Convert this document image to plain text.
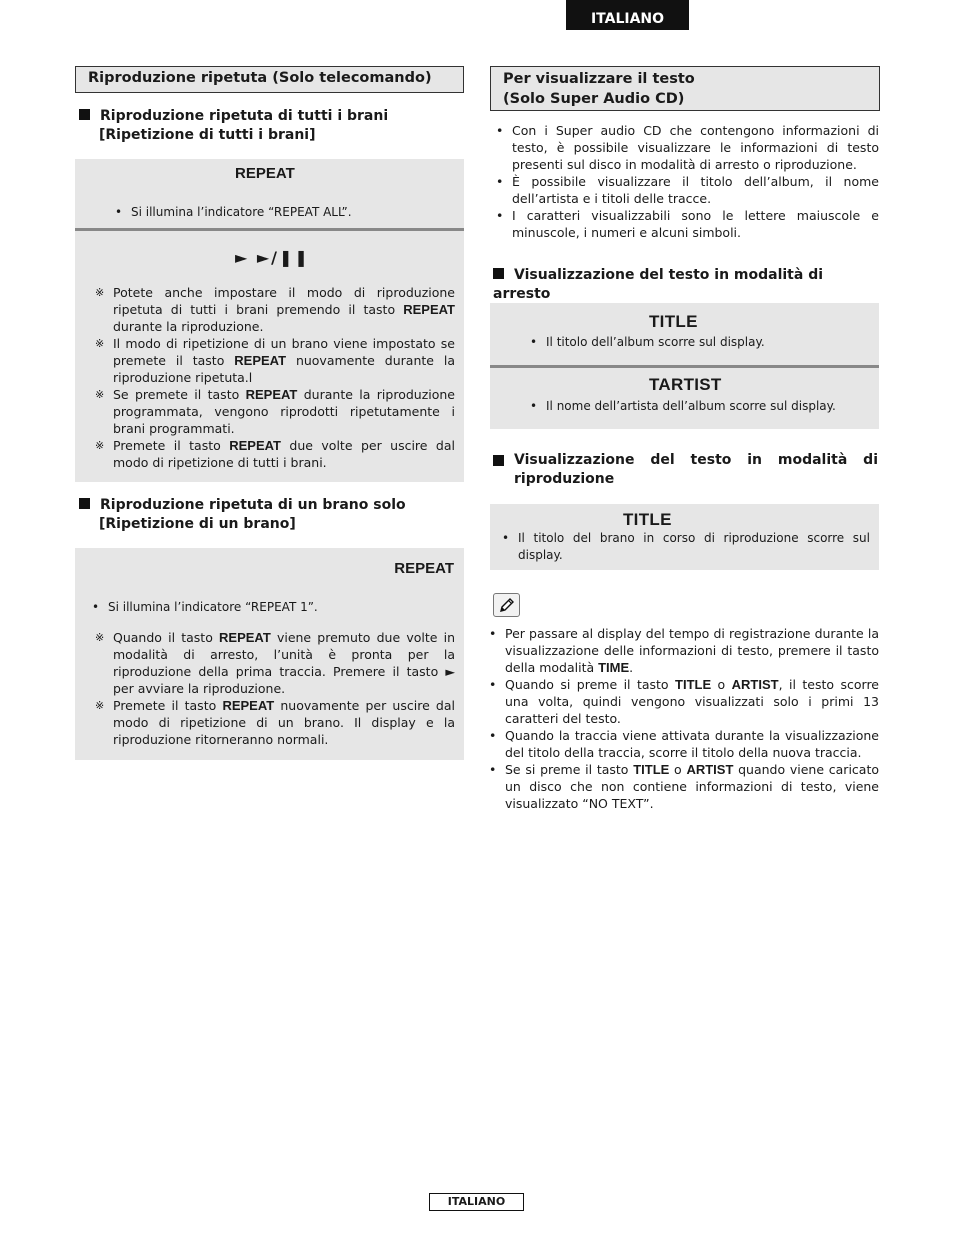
ITALIANO
Riproduzione ripetuta (Solo telecomando)
Riproduzione ripetuta di tutti i brani
[Ripetizione di tutti i brani]
REPEAT
• Si illumina l’indicatore “REPEAT ALL”.
► ►/❚❚
※ Potete anche impostare il modo di riproduzione ripetuta di tutti i brani premendo il tasto REPEAT durante la riproduzione.
※ Il modo di ripetizione di un brano viene impostato se premete il tasto REPEAT nuovamente durante la riproduzione ripetuta.l
※ Se premete il tasto REPEAT durante la riproduzione programmata, vengono riprodotti ripetutamente i brani programmati.
※ Premete il tasto REPEAT due volte per uscire dal modo di ripetizione di tutti i brani.
Riproduzione ripetuta di un brano solo
[Ripetizione di un brano]
REPEAT
• Si illumina l’indicatore “REPEAT 1”.
※ Quando il tasto REPEAT viene premuto due volte in modalità di arresto, l’unità è pronta per la riproduzione della prima traccia. Premere il tasto ► per avviare la riproduzione.
※ Premete il tasto REPEAT nuovamente per uscire dal modo di ripetizione di un brano. Il display e la riproduzione ritorneranno normali.
Per visualizzare il testo
(Solo Super Audio CD)
• Con i Super audio CD che contengono informazioni di testo, è possibile visualizzare le informazioni di testo presenti sul disco in modalità di arresto o riproduzione.
• È possibile visualizzare il titolo dell’album, il nome dell’artista e i titoli delle tracce.
• I caratteri visualizzabili sono le lettere maiuscole e minuscole, i numeri e alcuni simboli.
Visualizzazione del testo in modalità di arresto
TITLE
• Il titolo dell’album scorre sul display.
TARTIST
• Il nome dell’artista dell’album scorre sul display.
Visualizzazione del testo in modalità di riproduzione
TITLE
• Il titolo del brano in corso di riproduzione scorre sul display.
• Per passare al display del tempo di registrazione durante la visualizzazione delle informazioni di testo, premere il tasto della modalità TIME.
• Quando si preme il tasto TITLE o ARTIST, il testo scorre una volta, quindi vengono visualizzati solo i primi 13 caratteri del testo.
• Quando la traccia viene attivata durante la visualizzazione del titolo della traccia, scorre il titolo della nuova traccia.
• Se si preme il tasto TITLE o ARTIST quando viene caricato un disco che non contiene informazioni di testo, viene visualizzato “NO TEXT”.
ITALIANO
